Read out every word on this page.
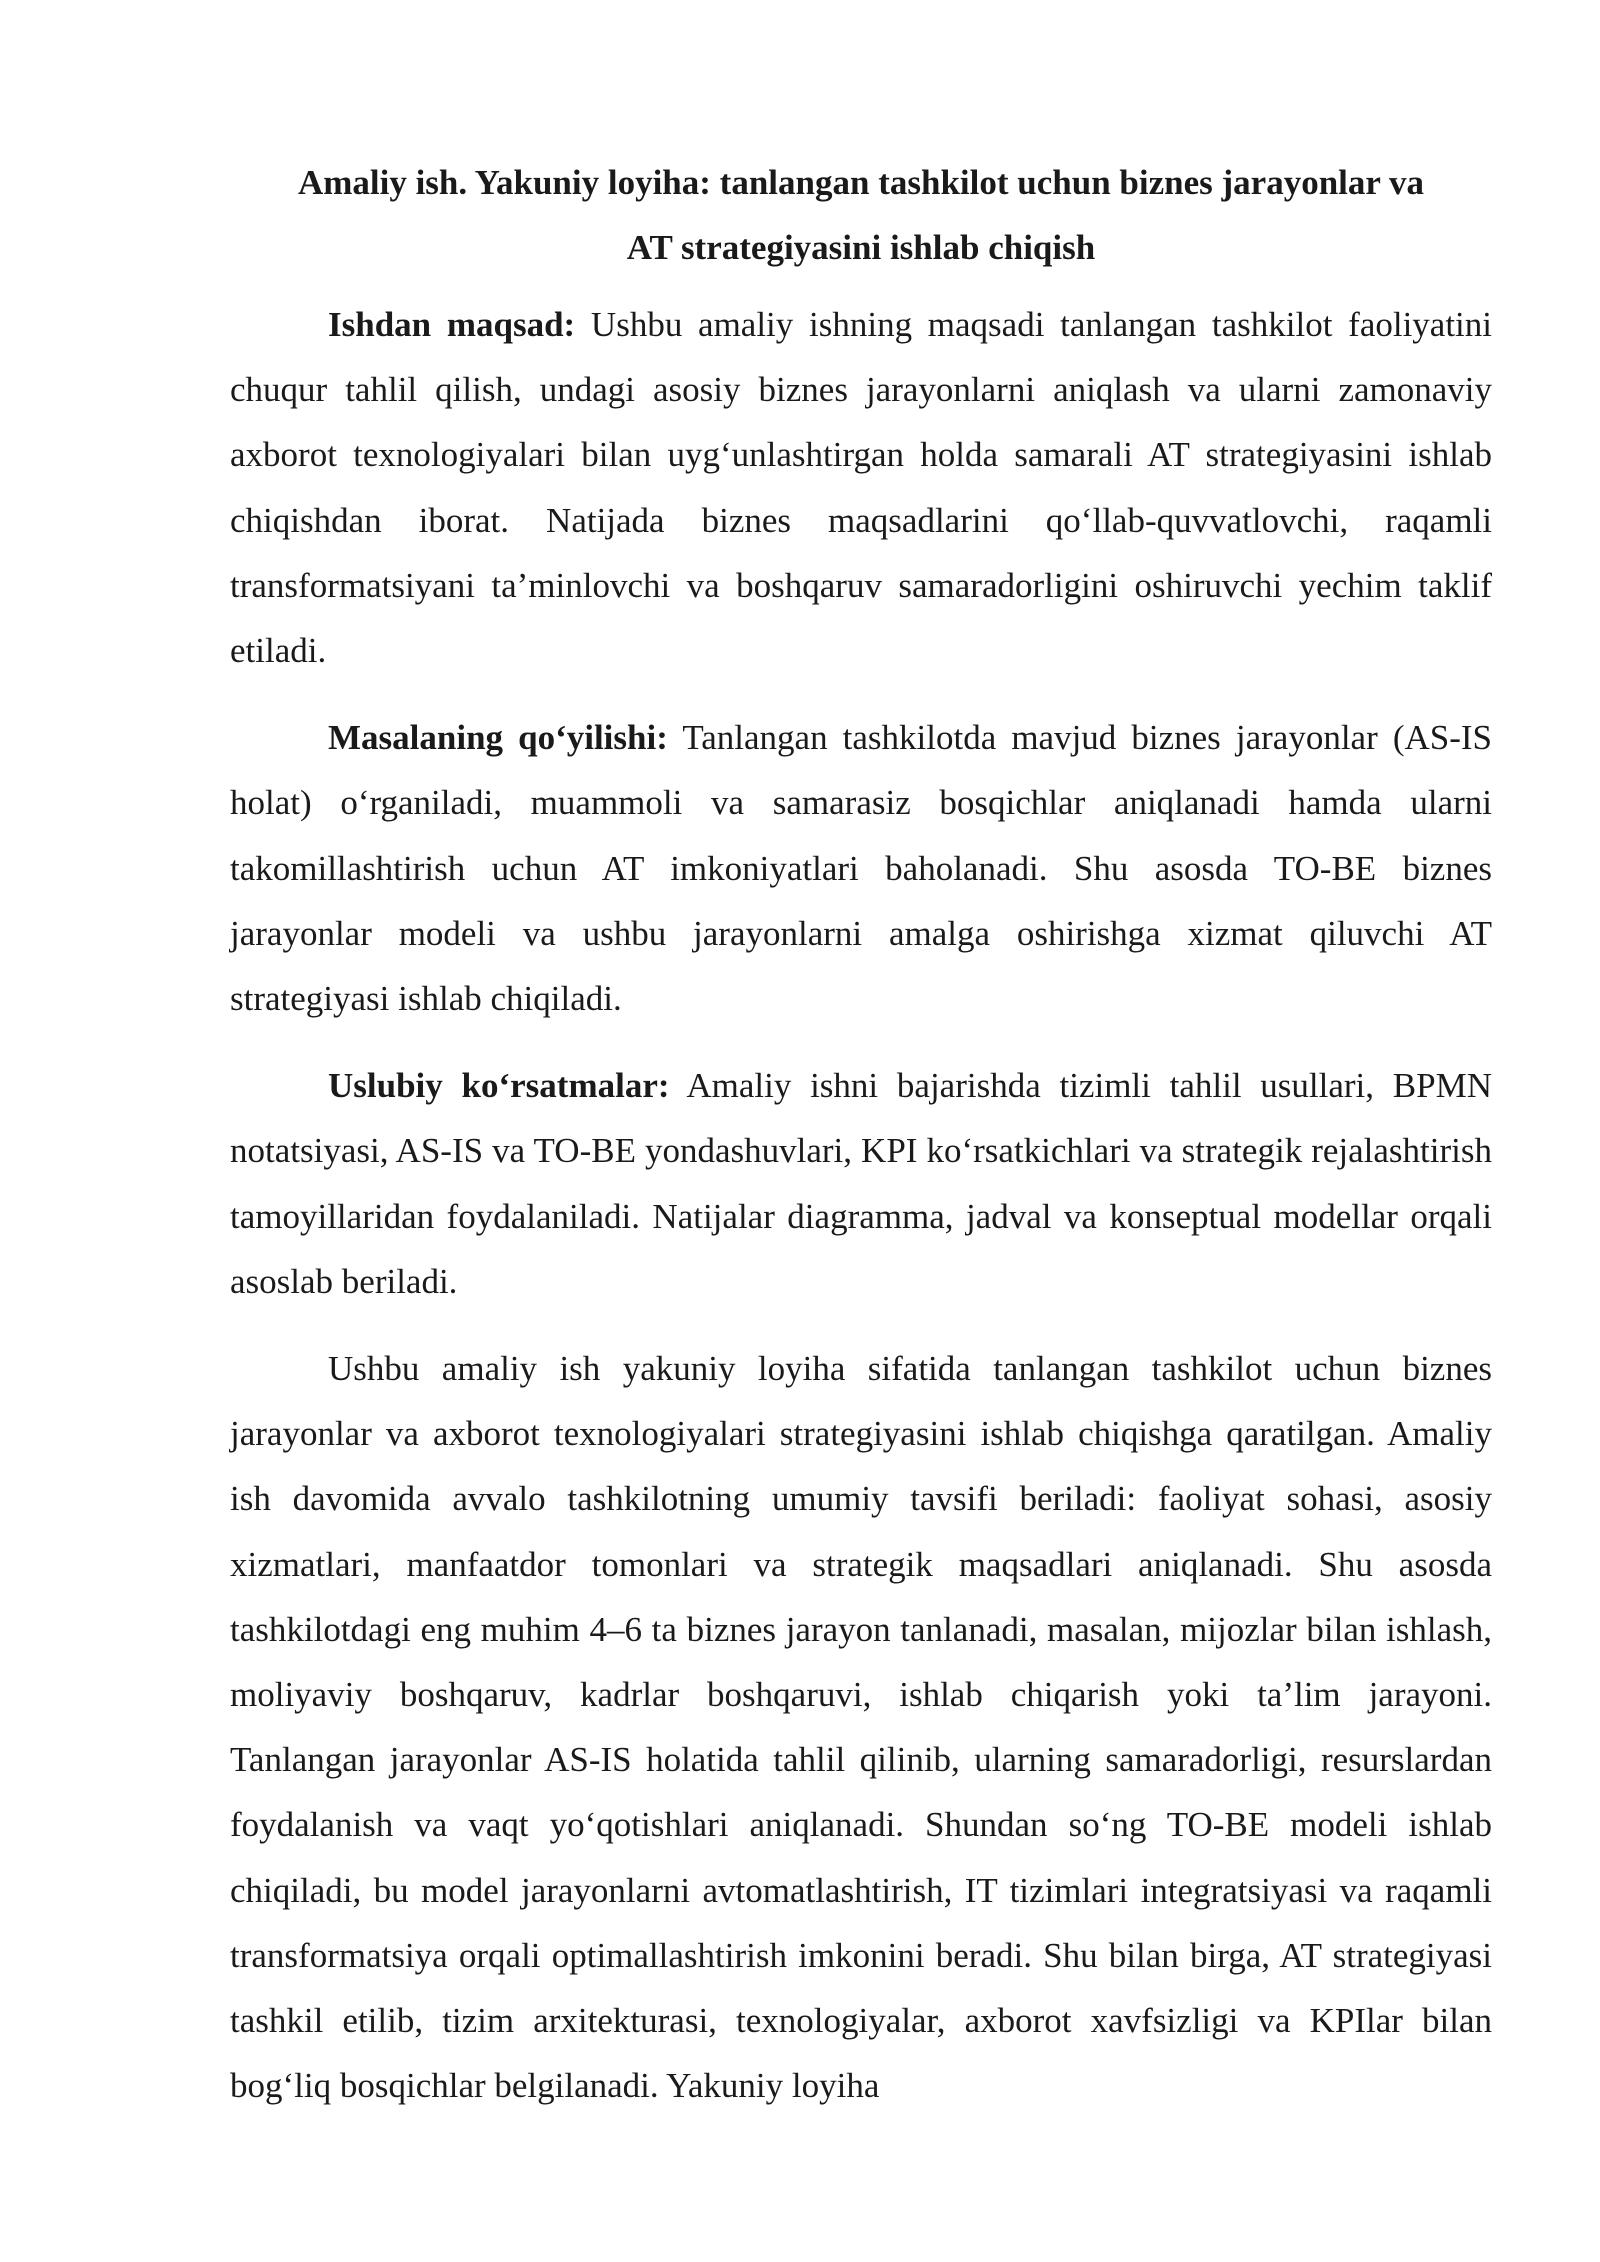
Amaliy ish. Yakuniy loyiha: tanlangan tashkilot uchun biznes jarayonlar va
AT strategiyasini ishlab chiqish

Ishdan maqsad: Ushbu amaliy ishning maqsadi tanlangan tashkilot faoliyatini chuqur tahlil qilish, undagi asosiy biznes jarayonlarni aniqlash va ularni zamonaviy axborot texnologiyalari bilan uyg‘unlashtirgan holda samarali AT strategiyasini ishlab chiqishdan iborat. Natijada biznes maqsadlarini qo‘llab-quvvatlovchi, raqamli transformatsiyani ta’minlovchi va boshqaruv samaradorligini oshiruvchi yechim taklif etiladi.

Masalaning qo‘yilishi: Tanlangan tashkilotda mavjud biznes jarayonlar (AS-IS holat) o‘rganiladi, muammoli va samarasiz bosqichlar aniqlanadi hamda ularni takomillashtirish uchun AT imkoniyatlari baholanadi. Shu asosda TO-BE biznes jarayonlar modeli va ushbu jarayonlarni amalga oshirishga xizmat qiluvchi AT strategiyasi ishlab chiqiladi.

Uslubiy ko‘rsatmalar: Amaliy ishni bajarishda tizimli tahlil usullari, BPMN notatsiyasi, AS-IS va TO-BE yondashuvlari, KPI ko‘rsatkichlari va strategik rejalashtirish tamoyillaridan foydalaniladi. Natijalar diagramma, jadval va konseptual modellar orqali asoslab beriladi.

Ushbu amaliy ish yakuniy loyiha sifatida tanlangan tashkilot uchun biznes jarayonlar va axborot texnologiyalari strategiyasini ishlab chiqishga qaratilgan. Amaliy ish davomida avvalo tashkilotning umumiy tavsifi beriladi: faoliyat sohasi, asosiy xizmatlari, manfaatdor tomonlari va strategik maqsadlari aniqlanadi. Shu asosda tashkilotdagi eng muhim 4–6 ta biznes jarayon tanlanadi, masalan, mijozlar bilan ishlash, moliyaviy boshqaruv, kadrlar boshqaruvi, ishlab chiqarish yoki ta’lim jarayoni. Tanlangan jarayonlar AS-IS holatida tahlil qilinib, ularning samaradorligi, resurslardan foydalanish va vaqt yo‘qotishlari aniqlanadi. Shundan so‘ng TO-BE modeli ishlab chiqiladi, bu model jarayonlarni avtomatlashtirish, IT tizimlari integratsiyasi va raqamli transformatsiya orqali optimallashtirish imkonini beradi. Shu bilan birga, AT strategiyasi tashkil etilib, tizim arxitekturasi, texnologiyalar, axborot xavfsizligi va KPIlar bilan bog‘liq bosqichlar belgilanadi. Yakuniy loyiha
